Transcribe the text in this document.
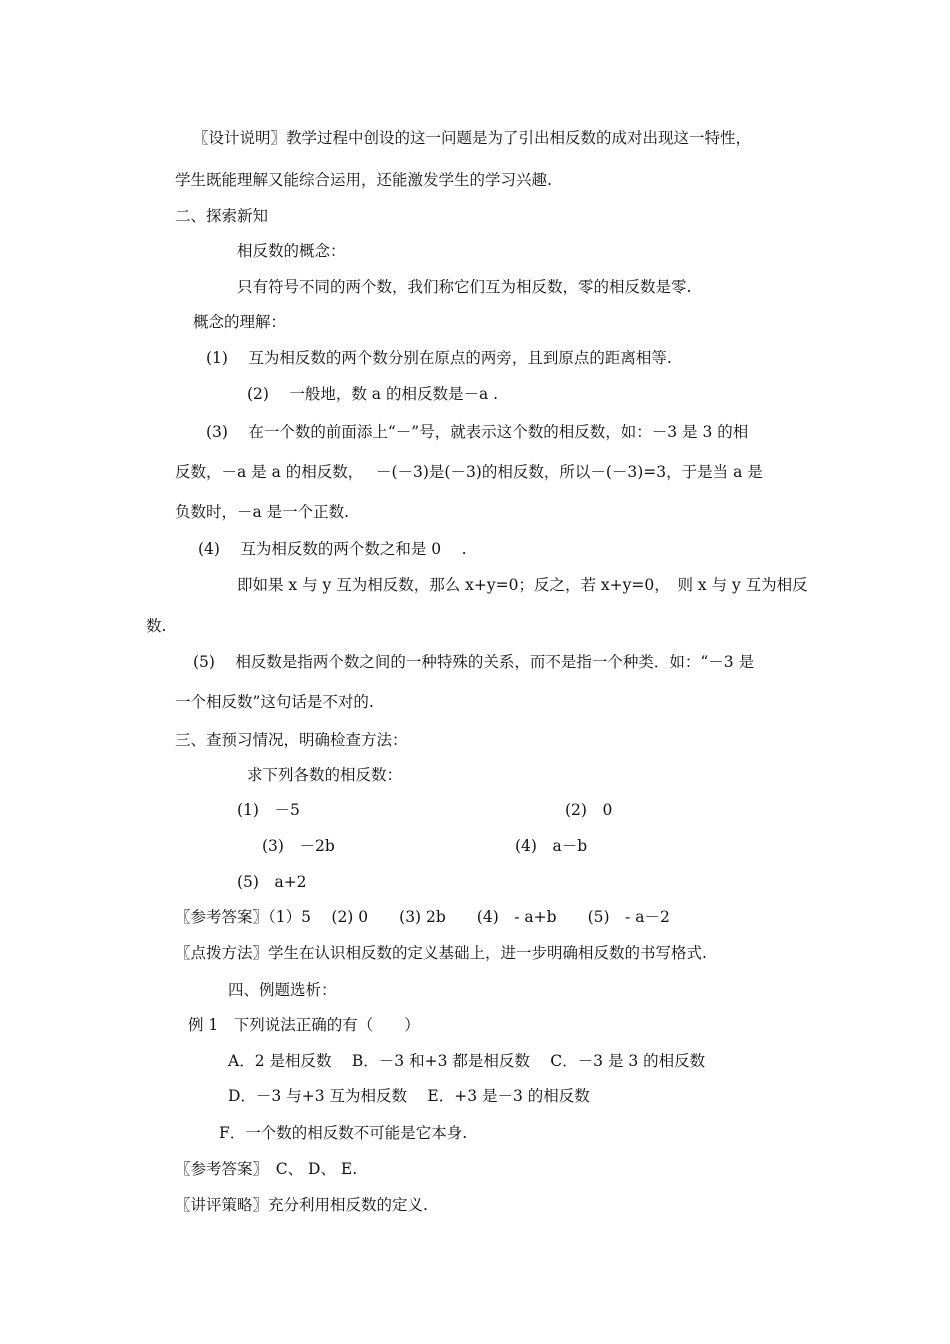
〖设计说明〗教学过程中创设的这一问题是为了引出相反数的成对出现这一特性，
学生既能理解又能综合运用，还能激发学生的学习兴趣.
二、探索新知
相反数的概念：
只有符号不同的两个数，我们称它们互为相反数，零的相反数是零.
概念的理解：
(1)　 互为相反数的两个数分别在原点的两旁，且到原点的距离相等.
(2)　 一般地，数 a 的相反数是－a .
(3)　 在一个数的前面添上“－”号，就表示这个数的相反数，如：－3 是 3 的相
反数，－a 是 a 的相反数，　 －(－3)是(－3)的相反数，所以－(－3)=3，于是当 a 是
负数时，－a 是一个正数.
(4)　 互为相反数的两个数之和是 0　 .
即如果 x 与 y 互为相反数，那么 x+y=0；反之，若 x+y=0，　则 x 与 y 互为相反
数.
(5)　 相反数是指两个数之间的一种特殊的关系，而不是指一个种类．如：“－3 是
一个相反数”这句话是不对的.
三、查预习情况，明确检查方法：
求下列各数的相反数：
(1)　－5	(2)　0
(3)　－2b	(4)　a－b
(5)　a+2
〖参考答案〗（1）5　 (2) 0　　(3) 2b　　(4)　- a+b　　(5)　- a－2
〖点拨方法〗学生在认识相反数的定义基础上，进一步明确相反数的书写格式.
四、例题选析：
例 1　下列说法正确的有（　　）
A．2 是相反数　 B．－3 和+3 都是相反数　 C．－3 是 3 的相反数
D．－3 与+3 互为相反数　 E．+3 是－3 的相反数
F．一个数的相反数不可能是它本身.
〖参考答案〗　C、 D、 E.
〖讲评策略〗充分利用相反数的定义.
